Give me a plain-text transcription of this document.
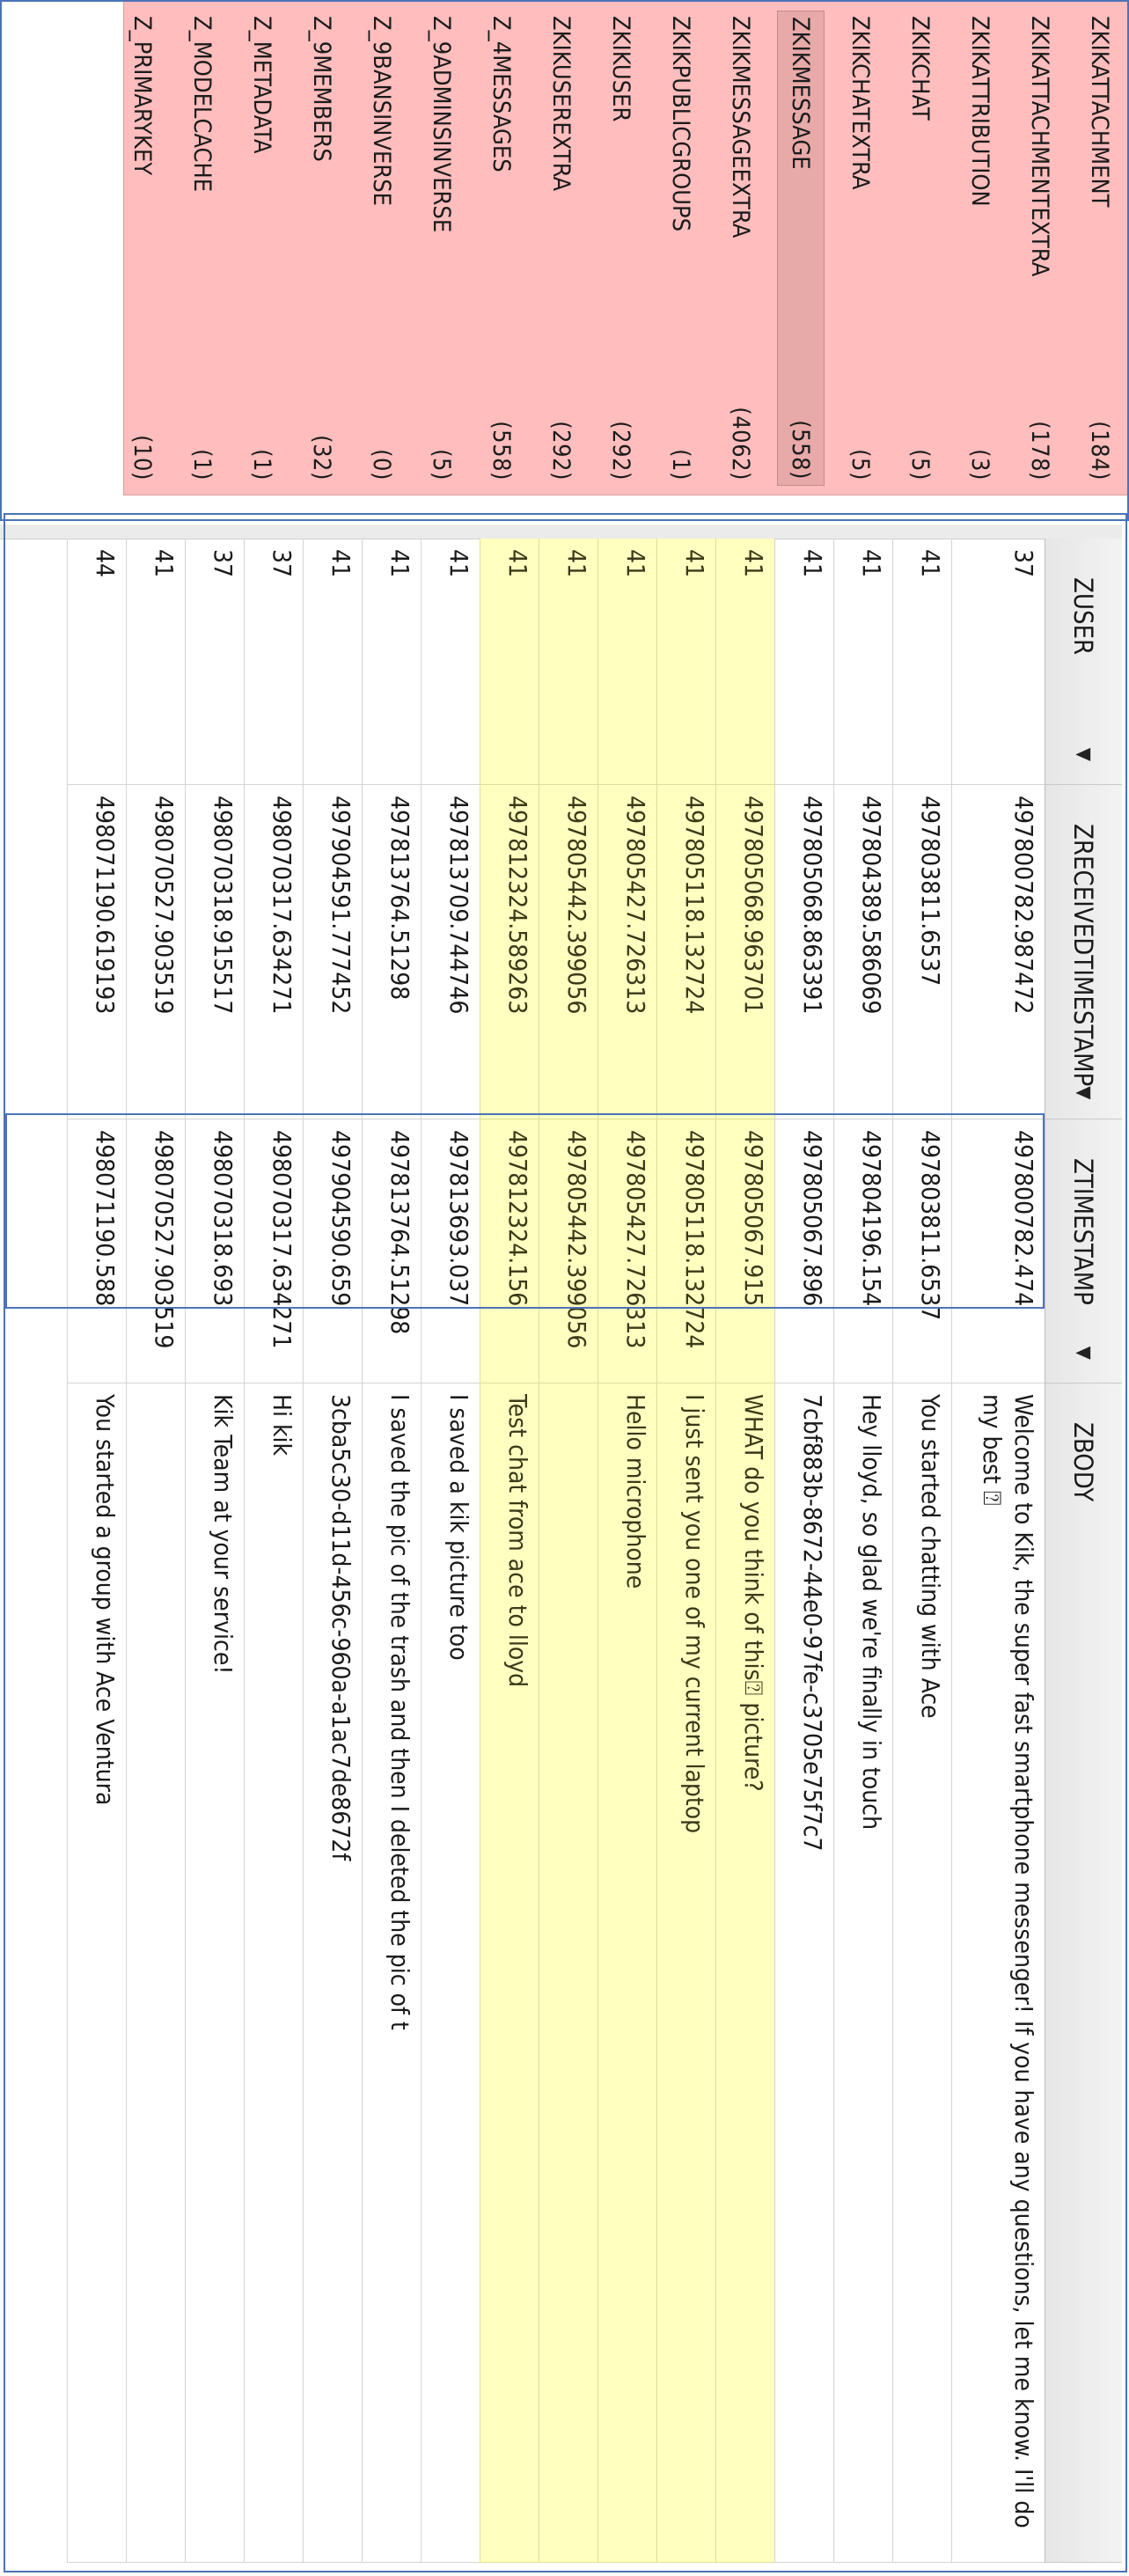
ZKIKATTACHMENT
(184)
ZKIKATTACHMENTEXTRA
(178)
ZKIKATTRIBUTION
(3)
ZKIKCHAT
(5)
ZKIKCHATEXTRA
(5)
ZKIKMESSAGE
(558)
ZKIKMESSAGEEXTRA
(4062)
ZKIKPUBLICGROUPS
(1)
ZKIKUSER
(292)
ZKIKUSEREXTRA
(292)
Z_4MESSAGES
(558)
Z_9ADMINSINVERSE
(5)
Z_9BANSINVERSE
(0)
Z_9MEMBERS
(32)
Z_METADATA
(1)
Z_MODELCACHE
(1)
Z_PRIMARYKEY
(10)
ZUSER
▼
ZRECEIVEDTIMESTAMP
▼
ZTIMESTAMP
▼
ZBODY
37
497800782.987472
497800782.474
Welcome to Kik, the super fast smartphone messenger! If you have any questions, let me know. I'll do my best ⍰
41
497803811.6537
497803811.6537
You started chatting with Ace
41
497804389.586069
497804196.154
Hey lloyd, so glad we're finally in touch
41
497805068.863391
497805067.896
7cbf883b-8672-44e0-97fe-c3705e75f7c7
41
497805068.963701
497805067.915
WHAT do you think of this⍰ picture?
41
497805118.132724
497805118.132724
I just sent you one of my current laptop
41
497805427.726313
497805427.726313
Hello microphone
41
497805442.399056
497805442.399056
41
497812324.589263
497812324.156
Test chat from ace to lloyd
41
497813709.744746
497813693.037
I saved a kik picture too
41
497813764.51298
497813764.51298
I saved the pic of the trash and then I deleted the pic of t
41
497904591.777452
497904590.659
3cba5c30-d11d-456c-960a-a1ac7de8672f
37
498070317.634271
498070317.634271
Hi kik
37
498070318.915517
498070318.693
Kik Team at your service!
41
498070527.903519
498070527.903519
44
498071190.619193
498071190.588
You started a group with Ace Ventura
